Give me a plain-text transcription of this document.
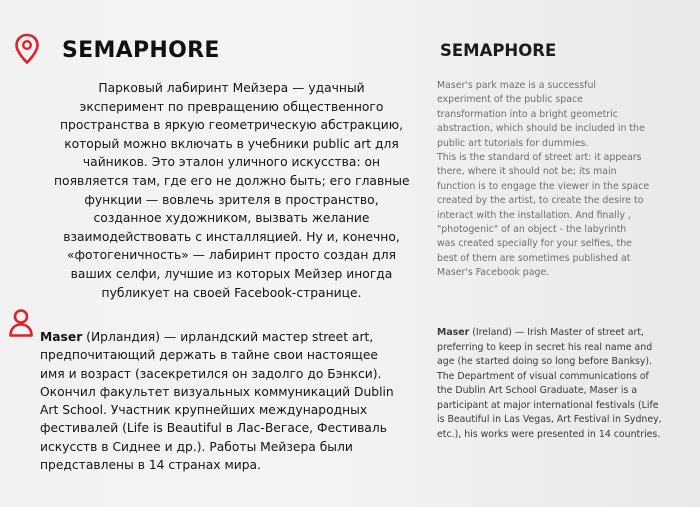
SEMAPHORE	SEMAPHORE

Парковый лабиринт Мейзера — удачный
эксперимент по превращению общественного
пространства в яркую геометрическую абстракцию,
который можно включать в учебники public art для
чайников. Это эталон уличного искусства: он
появляется там, где его не должно быть; его главные
функции — вовлечь зрителя в пространство,
созданное художником, вызвать желание
взаимодействовать с инсталляцией. Ну и, конечно,
«фотогеничность» — лабиринт просто создан для
ваших селфи, лучшие из которых Мейзер иногда
публикует на своей Facebook-странице.

Maser's park maze is a successful
experiment of the public space
transformation into a bright geometric
abstraction, which should be included in the
public art tutorials for dummies.
This is the standard of street art: it appears
there, where it should not be; its main
function is to engage the viewer in the space
created by the artist, to create the desire to
interact with the installation. And finally ,
"photogenic" of an object - the labyrinth
was created specially for your selfies, the
best of them are sometimes published at
Maser's Facebook page.

Maser (Ирландия) — ирландский мастер street art,
предпочитающий держать в тайне свои настоящее
имя и возраст (засекретился он задолго до Бэнкси).
Окончил факультет визуальных коммуникаций Dublin
Art School. Участник крупнейших международных
фестивалей (Life is Beautiful в Лас-Вегасе, Фестиваль
искусств в Сиднее и др.). Работы Мейзера были
представлены в 14 странах мира.

Maser (Ireland) — Irish Master of street art,
preferring to keep in secret his real name and
age (he started doing so long before Banksy).
The Department of visual communications of
the Dublin Art School Graduate, Maser is a
participant at major international festivals (Life
is Beautiful in Las Vegas, Art Festival in Sydney,
etc.), his works were presented in 14 countries.
